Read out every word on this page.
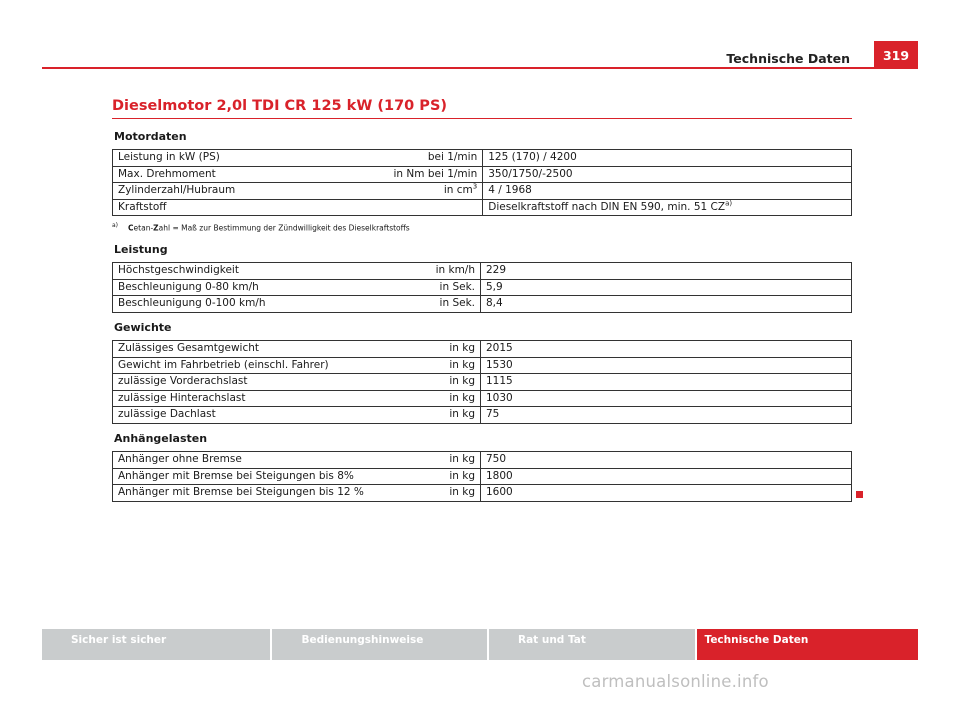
Technische Daten	319
Dieselmotor 2,0l TDI CR 125 kW (170 PS)
Motordaten
Leistung in kW (PS)	bei 1/min	125 (170) / 4200
Max. Drehmoment	in Nm bei 1/min	350/1750/-2500
Zylinderzahl/Hubraum	in $cm^3$	4 / 1968
Kraftstoff		Dieselkraftstoff nach DIN EN 590, min. 51 CZ$^{a)}$
$^{a)}$ Cetan-Zahl = Maß zur Bestimmung der Zündwilligkeit des Dieselkraftstoffs
Leistung
Höchstgeschwindigkeit	in km/h	229
Beschleunigung 0-80 km/h	in Sek.	5,9
Beschleunigung 0-100 km/h	in Sek.	8,4
Gewichte
Zulässiges Gesamtgewicht	in kg	2015
Gewicht im Fahrbetrieb (einschl. Fahrer)	in kg	1530
zulässige Vorderachslast	in kg	1115
zulässige Hinterachslast	in kg	1030
zulässige Dachlast	in kg	75
Anhängelasten
Anhänger ohne Bremse	in kg	750
Anhänger mit Bremse bei Steigungen bis 8%	in kg	1800
Anhänger mit Bremse bei Steigungen bis 12 %	in kg	1600
Sicher ist sicher	Bedienungshinweise	Rat und Tat	Technische Daten
carmanualsonline.info
